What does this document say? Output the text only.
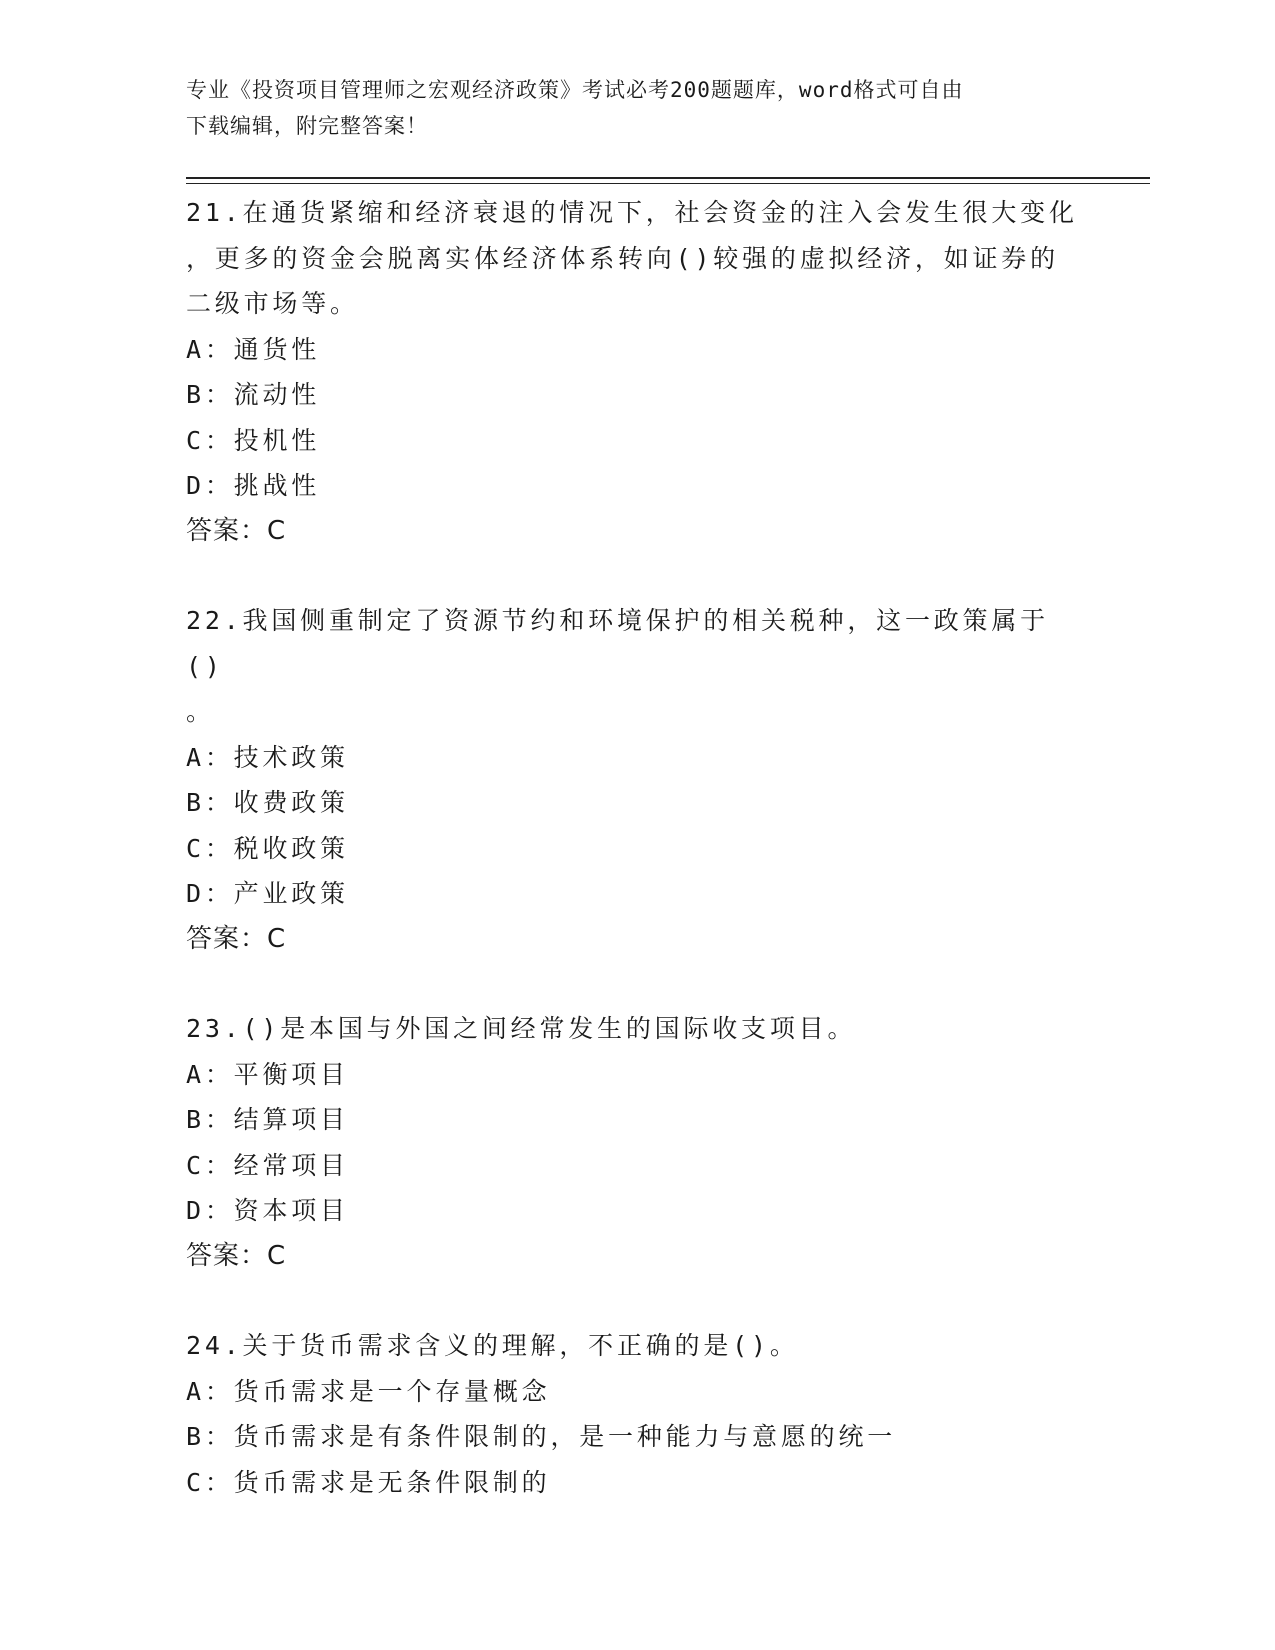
专业《投资项目管理师之宏观经济政策》考试必考200题题库，word格式可自由
下载编辑，附完整答案！

21.在通货紧缩和经济衰退的情况下，社会资金的注入会发生很大变化

，更多的资金会脱离实体经济体系转向()较强的虚拟经济，如证券的

二级市场等。

A：通货性

B：流动性

C：投机性

D：挑战性

答案：C

22.我国侧重制定了资源节约和环境保护的相关税种，这一政策属于()

。

A：技术政策

B：收费政策

C：税收政策

D：产业政策

答案：C

23.()是本国与外国之间经常发生的国际收支项目。

A：平衡项目

B：结算项目

C：经常项目

D：资本项目

答案：C

24.关于货币需求含义的理解，不正确的是()。

A：货币需求是一个存量概念

B：货币需求是有条件限制的，是一种能力与意愿的统一

C：货币需求是无条件限制的
